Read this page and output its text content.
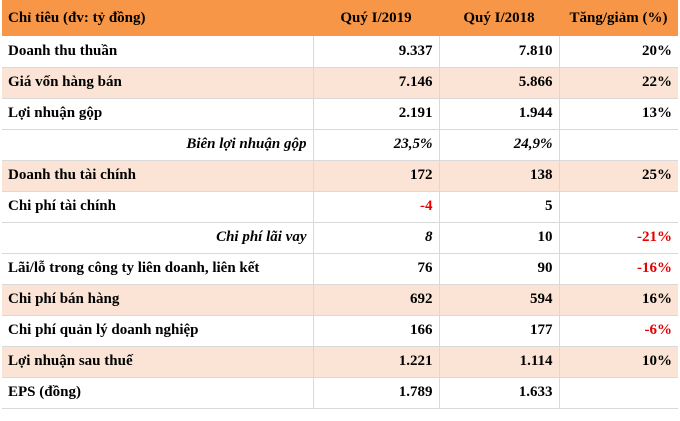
Chỉ tiêu (đv: tỷ đồng)	Quý I/2019	Quý I/2018	Tăng/giảm (%)
Doanh thu thuần	9.337	7.810	20%
Giá vốn hàng bán	7.146	5.866	22%
Lợi nhuận gộp	2.191	1.944	13%
Biên lợi nhuận gộp	23,5%	24,9%	
Doanh thu tài chính	172	138	25%
Chi phí tài chính	-4	5	
Chi phí lãi vay	8	10	-21%
Lãi/lỗ trong công ty liên doanh, liên kết	76	90	-16%
Chi phí bán hàng	692	594	16%
Chi phí quản lý doanh nghiệp	166	177	-6%
Lợi nhuận sau thuế	1.221	1.114	10%
EPS (đồng)	1.789	1.633	
